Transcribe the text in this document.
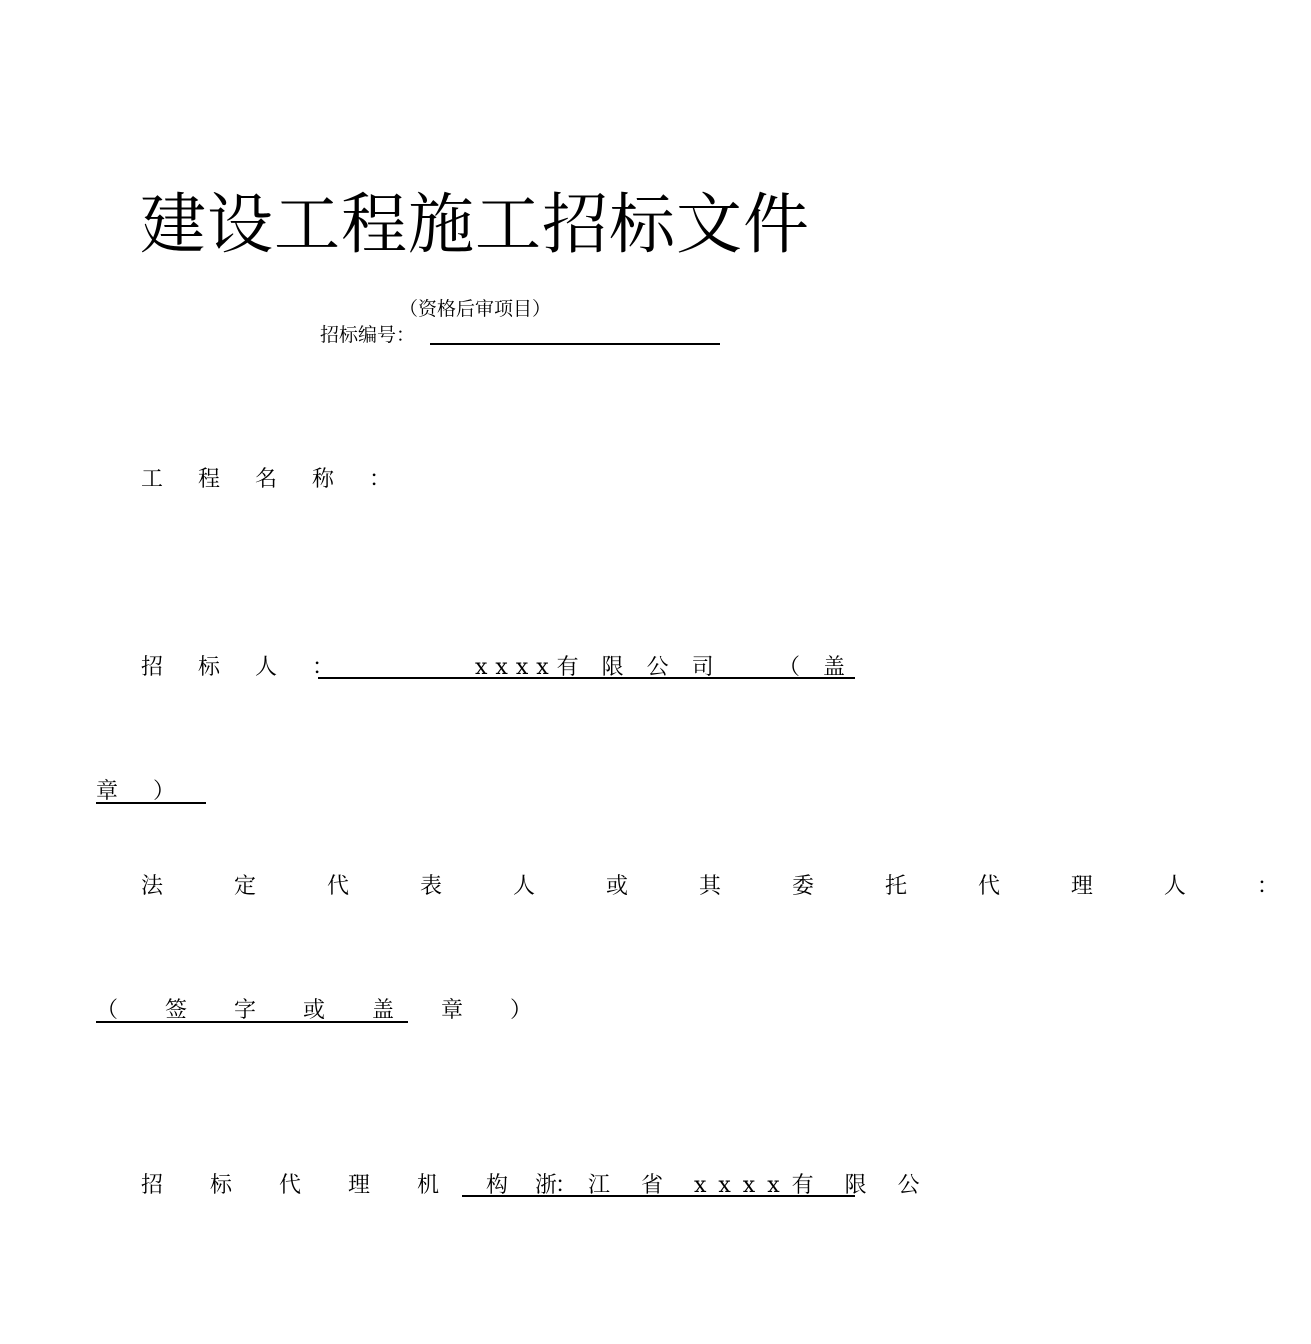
建设工程施工招标文件
（资格后审项目）
招标编号：
工 程 名 称 ：
招 标 人 ：	xxxx有 限 公 司	（ 盖
章 ）
法 定 代 表 人 或 其 委 托 代 理 人 ：
（ 签 字 或 盖 章 ）
招 标 代 理 机 构 ：
浙 江 省 xxxx有 限 公
